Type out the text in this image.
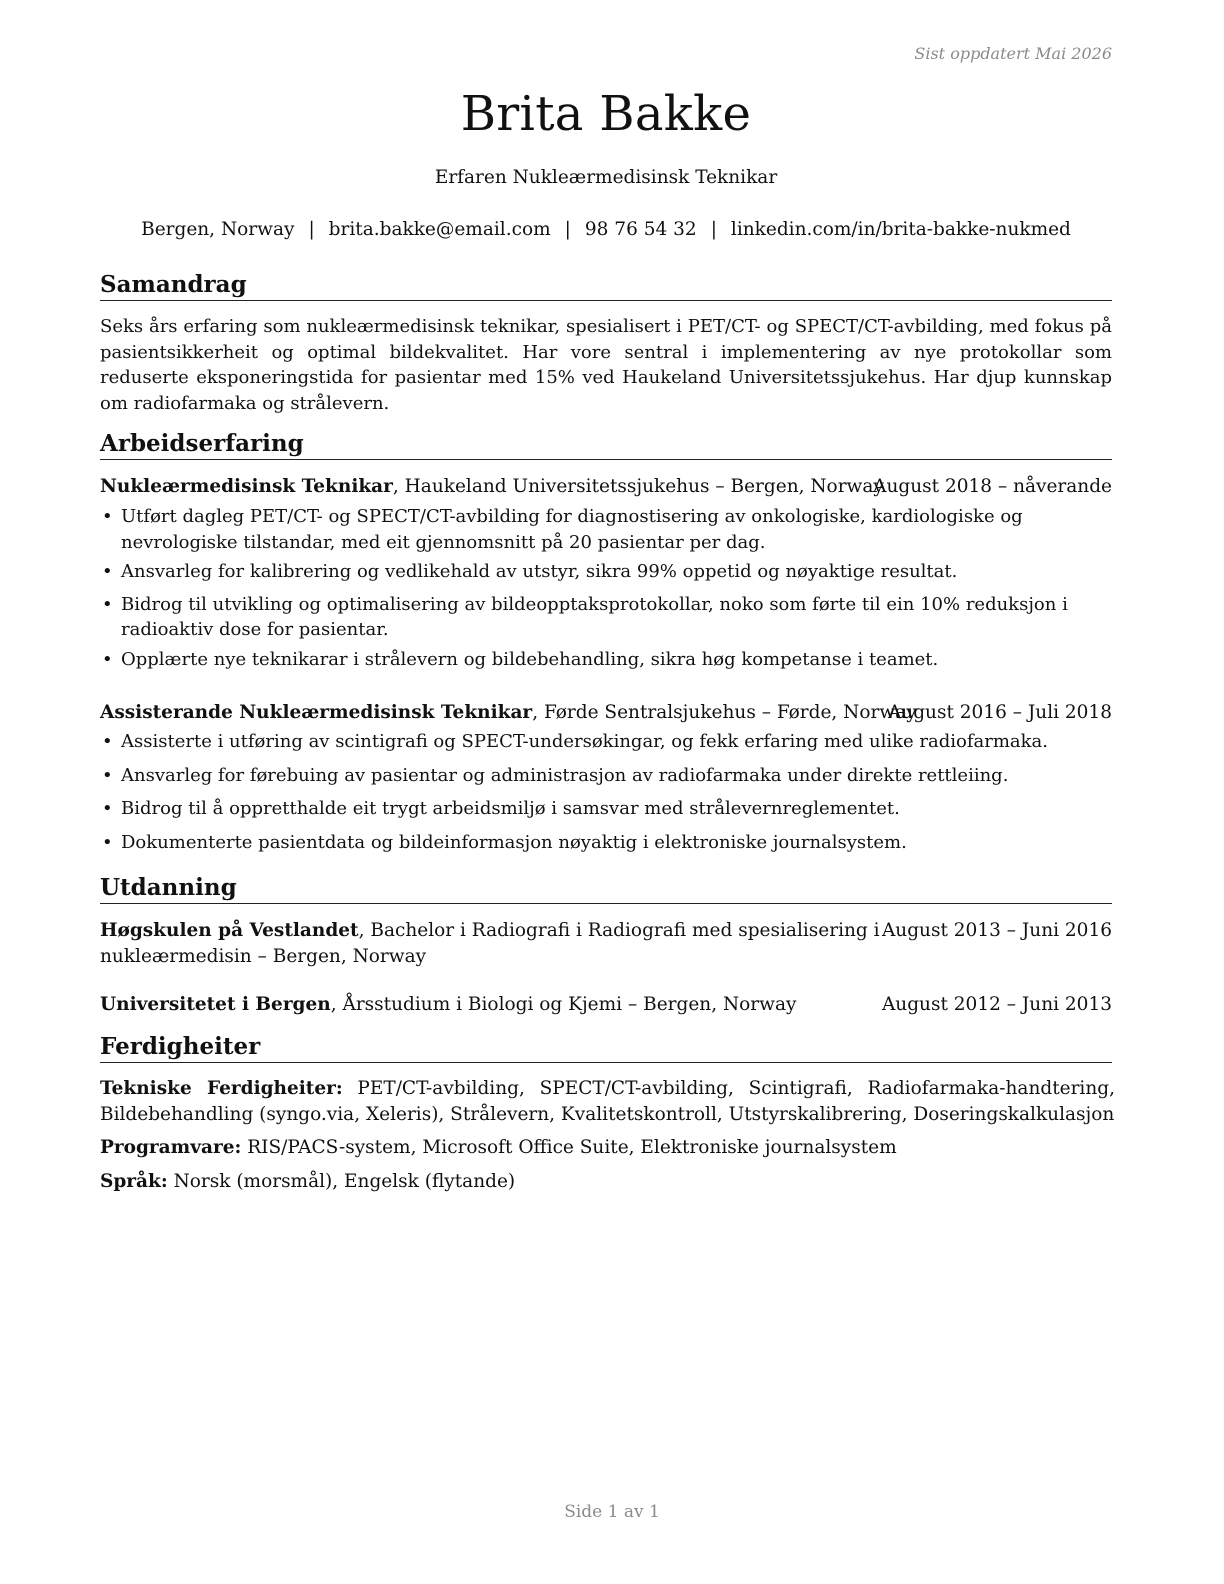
Sist oppdatert Mai 2026
Brita Bakke
Erfaren Nukleærmedisinsk Teknikar
Bergen, Norway | brita.bakke@email.com | 98 76 54 32 | linkedin.com/in/brita-bakke-nukmed
Samandrag
Seks års erfaring som nukleærmedisinsk teknikar, spesialisert i PET/CT- og SPECT/CT-avbilding, med fokus på pasientsikkerheit og optimal bildekvalitet. Har vore sentral i implementering av nye protokollar som reduserte eksponeringstida for pasientar med 15% ved Haukeland Universitetssjukehus. Har djup kunnskap om radiofarmaka og strålevern.
Arbeidserfaring
Nukleærmedisinsk Teknikar, Haukeland Universitetssjukehus – Bergen, Norway
August 2018 – nåverande
• Utført dagleg PET/CT- og SPECT/CT-avbilding for diagnostisering av onkologiske, kardiologiske og nevrologiske tilstandar, med eit gjennomsnitt på 20 pasientar per dag.
• Ansvarleg for kalibrering og vedlikehald av utstyr, sikra 99% oppetid og nøyaktige resultat.
• Bidrog til utvikling og optimalisering av bildeopptaksprotokollar, noko som førte til ein 10% reduksjon i radioaktiv dose for pasientar.
• Opplærte nye teknikarar i strålevern og bildebehandling, sikra høg kompetanse i teamet.
Assisterande Nukleærmedisinsk Teknikar, Førde Sentralsjukehus – Førde, Norway
August 2016 – Juli 2018
• Assisterte i utføring av scintigrafi og SPECT-undersøkingar, og fekk erfaring med ulike radiofarmaka.
• Ansvarleg for førebuing av pasientar og administrasjon av radiofarmaka under direkte rettleiing.
• Bidrog til å oppretthalde eit trygt arbeidsmiljø i samsvar med strålevernreglementet.
• Dokumenterte pasientdata og bildeinformasjon nøyaktig i elektroniske journalsystem.
Utdanning
Høgskulen på Vestlandet, Bachelor i Radiografi i Radiografi med spesialisering i nukleærmedisin – Bergen, Norway
August 2013 – Juni 2016
Universitetet i Bergen, Årsstudium i Biologi og Kjemi – Bergen, Norway	August 2012 – Juni 2013
Ferdigheiter
Tekniske Ferdigheiter: PET/CT-avbilding, SPECT/CT-avbilding, Scintigrafi, Radiofarmaka-handtering, Bildebehandling (syngo.via, Xeleris), Strålevern, Kvalitetskontroll, Utstyrskalibrering, Doseringskalkulasjon
Programvare: RIS/PACS-system, Microsoft Office Suite, Elektroniske journalsystem
Språk: Norsk (morsmål), Engelsk (flytande)
Side 1 av 1
